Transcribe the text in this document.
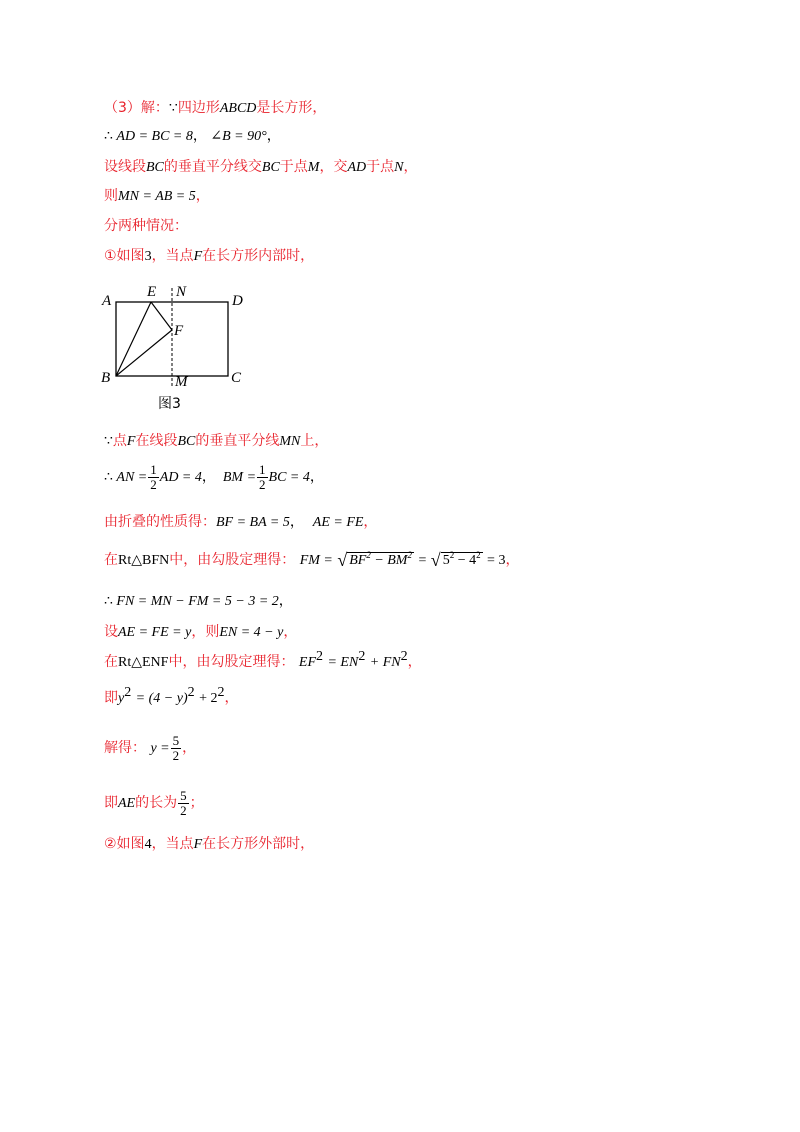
（3）解：∵四边形ABCD是长方形，
∴ AD = BC = 8， ∠B = 90°，
设线段BC的垂直平分线交BC于点M，交AD于点N，
则MN = AB = 5，
分两种情况：
①如图3，当点F在长方形内部时，
A
E N
D
F
B	M	C
图3
∵点F在线段BC的垂直平分线MN上，
∴ AN = $\frac{1}{2}$ AD = 4， BM = $\frac{1}{2}$ BC = 4，
由折叠的性质得：BF = BA = 5， AE = FE，
在Rt△BFN中，由勾股定理得： FM = √ $BF^2 - BM^2$ = √ $5^2 - 4^2 = 3$，
∴ FN = MN − FM = 5 − 3 = 2，
设AE = FE = y，则EN = 4 − y，
在Rt△ENF中，由勾股定理得： $EF^2 = EN^2 + FN^2$，
即$y^2 = (4 - y)^2 + 2^2$，
解得： $y = \frac{5}{2}$ ，
即AE的长为 $\frac{5}{2}$ ；
②如图4，当点F在长方形外部时，
